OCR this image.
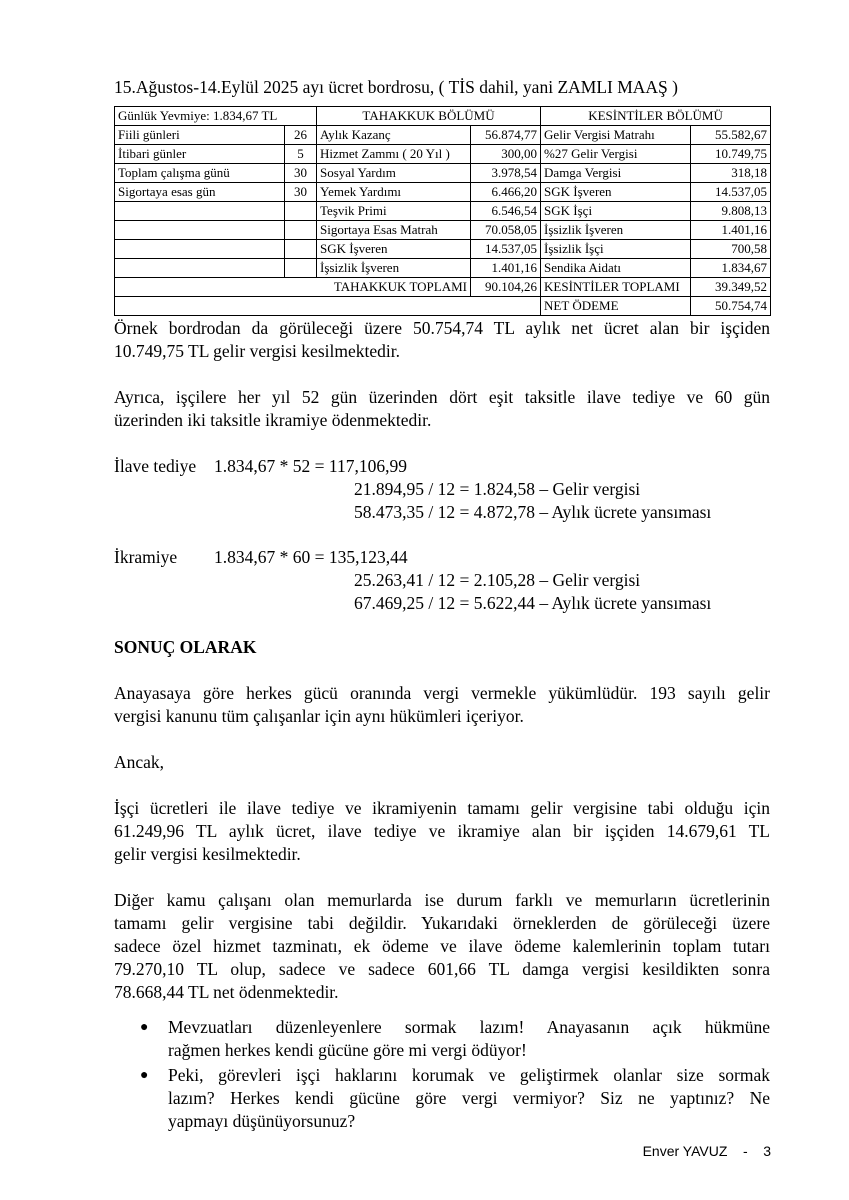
15.Ağustos-14.Eylül 2025 ayı ücret bordrosu, ( TİS dahil, yani ZAMLI MAAŞ )
Günlük Yevmiye: 1.834,67 TL		TAHAKKUK BÖLÜMÜ		KESİNTİLER BÖLÜMÜ	
Fiili günleri	26	Aylık Kazanç	56.874,77	Gelir Vergisi Matrahı	55.582,67
İtibari günler	5	Hizmet Zammı ( 20 Yıl )	300,00	%27 Gelir Vergisi	10.749,75
Toplam çalışma günü	30	Sosyal Yardım	3.978,54	Damga Vergisi	318,18
Sigortaya esas gün	30	Yemek Yardımı	6.466,20	SGK İşveren	14.537,05
		Teşvik Primi	6.546,54	SGK İşçi	9.808,13
		Sigortaya Esas Matrah	70.058,05	İşsizlik İşveren	1.401,16
		SGK İşveren	14.537,05	İşsizlik İşçi	700,58
		İşsizlik İşveren	1.401,16	Sendika Aidatı	1.834,67
TAHAKKUK TOPLAMI			90.104,26	KESİNTİLER TOPLAMI	39.349,52
				NET ÖDEME	50.754,74
Örnek bordrodan da görüleceği üzere 50.754,74 TL aylık net ücret alan bir işçiden
10.749,75 TL gelir vergisi kesilmektedir.
Ayrıca, işçilere her yıl 52 gün üzerinden dört eşit taksitle ilave tediye ve 60 gün
üzerinden iki taksitle ikramiye ödenmektedir.
İlave tediye 1.834,67 * 52 = 117,106,99
21.894,95 / 12 = 1.824,58 – Gelir vergisi
58.473,35 / 12 = 4.872,78 – Aylık ücrete yansıması
İkramiye 1.834,67 * 60 = 135,123,44
25.263,41 / 12 = 2.105,28 – Gelir vergisi
67.469,25 / 12 = 5.622,44 – Aylık ücrete yansıması
SONUÇ OLARAK
Anayasaya göre herkes gücü oranında vergi vermekle yükümlüdür. 193 sayılı gelir
vergisi kanunu tüm çalışanlar için aynı hükümleri içeriyor.
Ancak,
İşçi ücretleri ile ilave tediye ve ikramiyenin tamamı gelir vergisine tabi olduğu için
61.249,96 TL aylık ücret, ilave tediye ve ikramiye alan bir işçiden 14.679,61 TL
gelir vergisi kesilmektedir.
Diğer kamu çalışanı olan memurlarda ise durum farklı ve memurların ücretlerinin
tamamı gelir vergisine tabi değildir. Yukarıdaki örneklerden de görüleceği üzere
sadece özel hizmet tazminatı, ek ödeme ve ilave ödeme kalemlerinin toplam tutarı
79.270,10 TL olup, sadece ve sadece 601,66 TL damga vergisi kesildikten sonra
78.668,44 TL net ödenmektedir.
● Mevzuatları düzenleyenlere sormak lazım! Anayasanın açık hükmüne
rağmen herkes kendi gücüne göre mi vergi ödüyor!
● Peki, görevleri işçi haklarını korumak ve geliştirmek olanlar size sormak
lazım? Herkes kendi gücüne göre vergi vermiyor? Siz ne yaptınız? Ne
yapmayı düşünüyorsunuz?
Enver YAVUZ - 3
